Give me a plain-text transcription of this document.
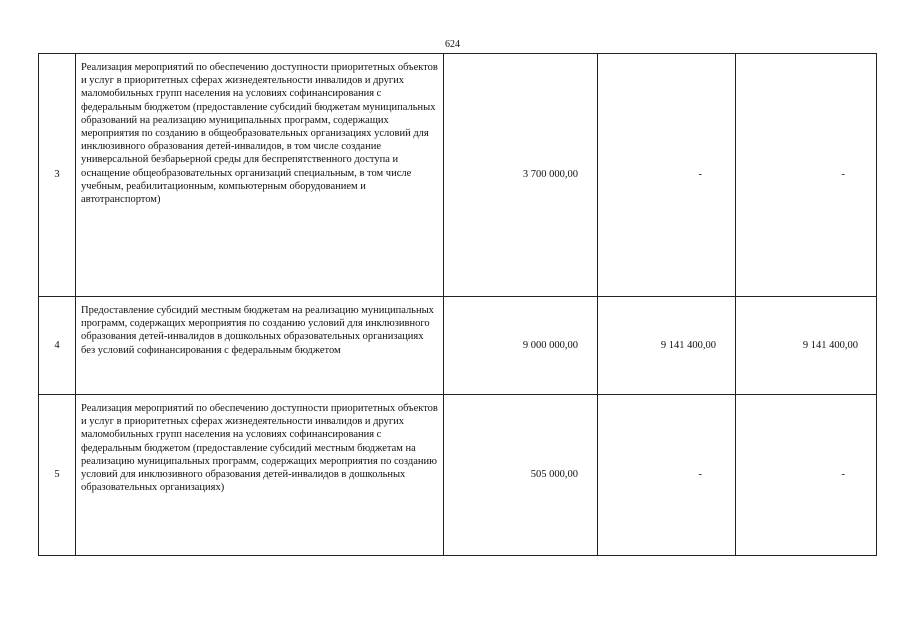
624
3	Реализация мероприятий по обеспечению доступности приоритетных объектов и услуг в приоритетных сферах жизнедеятельности инвалидов и других маломобильных групп населения на условиях софинансирования с федеральным бюджетом (предоставление субсидий бюджетам муниципальных образований на реализацию муниципальных программ, содержащих мероприятия по созданию в общеобразовательных организациях условий для инклюзивного образования детей-инвалидов, в том числе создание универсальной безбарьерной среды для беспрепятственного доступа и оснащение общеобразовательных организаций специальным, в том числе учебным, реабилитационным, компьютерным оборудованием и автотранспортом)	3 700 000,00	-	-
4	Предоставление субсидий местным бюджетам на реализацию муниципальных программ, содержащих мероприятия по созданию условий для инклюзивного образования детей-инвалидов в дошкольных образовательных организациях без условий софинансирования с федеральным бюджетом	9 000 000,00	9 141 400,00	9 141 400,00
5	Реализация мероприятий по обеспечению доступности приоритетных объектов и услуг в приоритетных сферах жизнедеятельности инвалидов и других маломобильных групп населения на условиях софинансирования с федеральным бюджетом (предоставление субсидий местным бюджетам на реализацию муниципальных программ, содержащих мероприятия по созданию условий для инклюзивного образования детей-инвалидов в дошкольных образовательных организациях)	505 000,00	-	-
